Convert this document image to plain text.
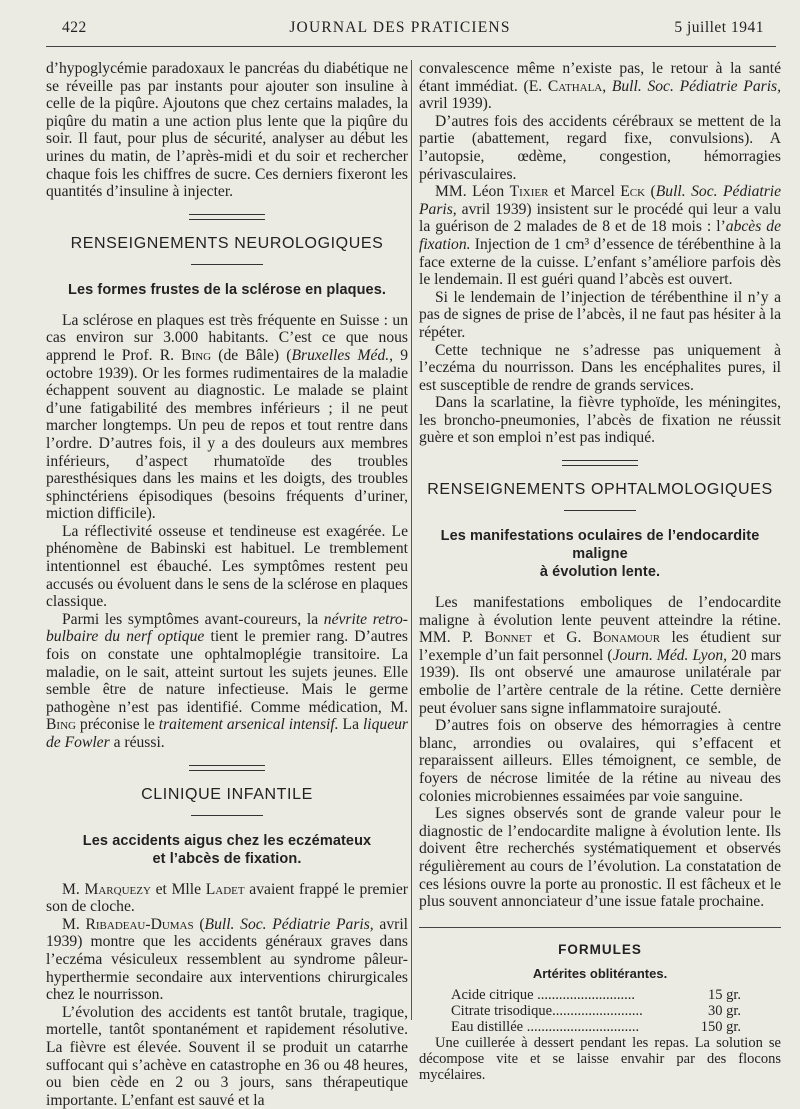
422	JOURNAL DES PRATICIENS	5 juillet 1941

d’hypoglycémie paradoxaux le pancréas du diabétique ne se réveille pas par instants pour ajouter son insuline à celle de la piqûre. Ajoutons que chez certains malades, la piqûre du matin a une action plus lente que la piqûre du soir. Il faut, pour plus de sécurité, analyser au début les urines du matin, de l’après-midi et du soir et rechercher chaque fois les chiffres de sucre. Ces derniers fixeront les quantités d’insuline à injecter.

RENSEIGNEMENTS NEUROLOGIQUES
Les formes frustes de la sclérose en plaques.

La sclérose en plaques est très fréquente en Suisse : un cas environ sur 3.000 habitants. C’est ce que nous apprend le Prof. R. Bing (de Bâle) (Bruxelles Méd., 9 octobre 1939). Or les formes rudimentaires de la maladie échappent souvent au diagnostic. Le malade se plaint d’une fatigabilité des membres inférieurs ; il ne peut marcher longtemps. Un peu de repos et tout rentre dans l’ordre. D’autres fois, il y a des douleurs aux membres inférieurs, d’aspect rhumatoïde des troubles paresthésiques dans les mains et les doigts, des troubles sphinctériens épisodiques (besoins fréquents d’uriner, miction difficile).

La réflectivité osseuse et tendineuse est exagérée. Le phénomène de Babinski est habituel. Le tremblement intentionnel est ébauché. Les symptômes restent peu accusés ou évoluent dans le sens de la sclérose en plaques classique.

Parmi les symptômes avant-coureurs, la névrite retro-bulbaire du nerf optique tient le premier rang. D’autres fois on constate une ophtalmoplégie transitoire. La maladie, on le sait, atteint surtout les sujets jeunes. Elle semble être de nature infectieuse. Mais le germe pathogène n’est pas identifié. Comme médication, M. Bing préconise le traitement arsenical intensif. La liqueur de Fowler a réussi.

CLINIQUE INFANTILE
Les accidents aigus chez les eczémateux
et l’abcès de fixation.

M. Marquezy et Mlle Ladet avaient frappé le premier son de cloche.

M. Ribadeau-Dumas (Bull. Soc. Pédiatrie Paris, avril 1939) montre que les accidents généraux graves dans l’eczéma vésiculeux ressemblent au syndrome pâleur-hyperthermie secondaire aux interventions chirurgicales chez le nourrisson.

L’évolution des accidents est tantôt brutale, tragique, mortelle, tantôt spontanément et rapidement résolutive. La fièvre est élevée. Souvent il se produit un catarrhe suffocant qui s’achève en catastrophe en 36 ou 48 heures, ou bien cède en 2 ou 3 jours, sans thérapeutique importante. L’enfant est sauvé et la

convalescence même n’existe pas, le retour à la santé étant immédiat. (E. Cathala, Bull. Soc. Pédiatrie Paris, avril 1939).

D’autres fois des accidents cérébraux se mettent de la partie (abattement, regard fixe, convulsions). A l’autopsie, œdème, congestion, hémorragies périvasculaires.

MM. Léon Tixier et Marcel Eck (Bull. Soc. Pédiatrie Paris, avril 1939) insistent sur le procédé qui leur a valu la guérison de 2 malades de 8 et de 18 mois : l’abcès de fixation. Injection de 1 cm³ d’essence de térébenthine à la face externe de la cuisse. L’enfant s’améliore parfois dès le lendemain. Il est guéri quand l’abcès est ouvert.

Si le lendemain de l’injection de térébenthine il n’y a pas de signes de prise de l’abcès, il ne faut pas hésiter à la répéter.

Cette technique ne s’adresse pas uniquement à l’eczéma du nourrisson. Dans les encéphalites pures, il est susceptible de rendre de grands services.

Dans la scarlatine, la fièvre typhoïde, les méningites, les broncho-pneumonies, l’abcès de fixation ne réussit guère et son emploi n’est pas indiqué.

RENSEIGNEMENTS OPHTALMOLOGIQUES
Les manifestations oculaires de l’endocardite maligne
à évolution lente.

Les manifestations emboliques de l’endocardite maligne à évolution lente peuvent atteindre la rétine. MM. P. Bonnet et G. Bonamour les étudient sur l’exemple d’un fait personnel (Journ. Méd. Lyon, 20 mars 1939). Ils ont observé une amaurose unilatérale par embolie de l’artère centrale de la rétine. Cette dernière peut évoluer sans signe inflammatoire surajouté.

D’autres fois on observe des hémorragies à centre blanc, arrondies ou ovalaires, qui s’effacent et reparaissent ailleurs. Elles témoignent, ce semble, de foyers de nécrose limitée de la rétine au niveau des colonies microbiennes essaimées par voie sanguine.

Les signes observés sont de grande valeur pour le diagnostic de l’endocardite maligne à évolution lente. Ils doivent être recherchés systématiquement et observés régulièrement au cours de l’évolution. La constatation de ces lésions ouvre la porte au pronostic. Il est fâcheux et le plus souvent annonciateur d’une issue fatale prochaine.

FORMULES
Artérites oblitérantes.
Acide citrique ...........................	15 gr.
Citrate trisodique.........................	30 gr.
Eau distillée ...............................	150 gr.

Une cuillerée à dessert pendant les repas. La solution se décompose vite et se laisse envahir par des flocons mycélaires.
